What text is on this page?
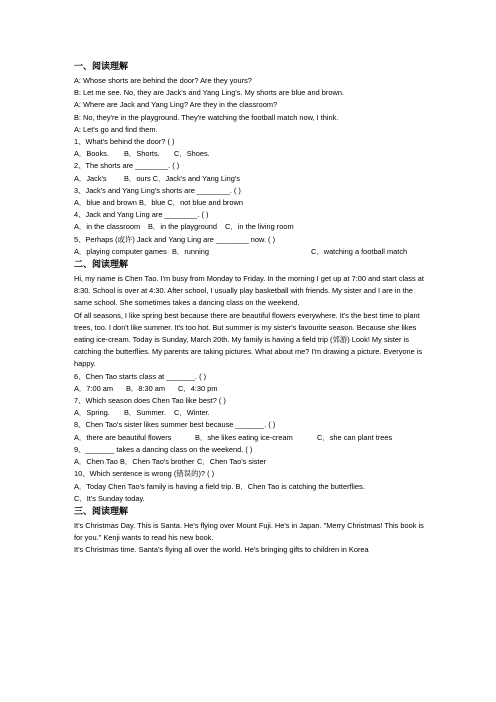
一、阅读理解
A: Whose shorts are behind the door? Are they yours?
B: Let me see. No, they are Jack's and Yang Ling's. My shorts are blue and brown.
A: Where are Jack and Yang Ling? Are they in the classroom?
B: No, they're in the playground. They're watching the football match now, I think.
A: Let's go and find them.
1、What's behind the door? ( )
A．Books. B．Shorts. C．Shoes.
2、The shorts are ________. ( )
A．Jack's B．ours C．Jack's and Yang Ling's
3、Jack's and Yang Ling's shorts are ________. ( )
A．blue and brown B．blue C．not blue and brown
4、Jack and Yang Ling are ________. ( )
A．in the classroom B．in the playground C．in the living room
5、Perhaps (或许) Jack and Yang Ling are ________ now. ( )
A．playing computer games B．running	C．watching a football match
二、阅读理解
Hi, my name is Chen Tao. I'm busy from Monday to Friday. In the morning I get up at 7:00 and start class at 8:30. School is over at 4:30. After school, I usually play basketball with friends. My sister and I are in the same school. She sometimes takes a dancing class on the weekend.
Of all seasons, I like spring best because there are beautiful flowers everywhere. It's the best time to plant trees, too. I don't like summer. It's too hot. But summer is my sister's favourite season. Because she likes eating ice-cream. Today is Sunday, March 20th. My family is having a field trip (郊游) Look! My sister is catching the butterflies. My parents are taking pictures. What about me? I'm drawing a picture. Everyone is happy.
6、Chen Tao starts class at _______. ( )
A．7:00 am B．8:30 am C．4:30 pm
7、Which season does Chen Tao like best? ( )
A．Spring. B．Summer. C．Winter.
8、Chen Tao's sister likes summer best because _______. ( )
A．there are beautiful flowers	B．she likes eating ice-cream	C．she can plant trees
9、_______ takes a dancing class on the weekend. ( )
A．Chen Tao B．Chen Tao's brother C．Chen Tao's sister
10、Which sentence is wrong (错误的)? ( )
A．Today Chen Tao's family is having a field trip. B．Chen Tao is catching the butterflies.
C．It's Sunday today.
三、阅读理解
It's Christmas Day. This is Santa. He's flying over Mount Fuji. He's in Japan. "Merry Christmas! This book is for you." Kenji wants to read his new book.
It's Christmas time. Santa's flying all over the world. He's bringing gifts to children in Korea
